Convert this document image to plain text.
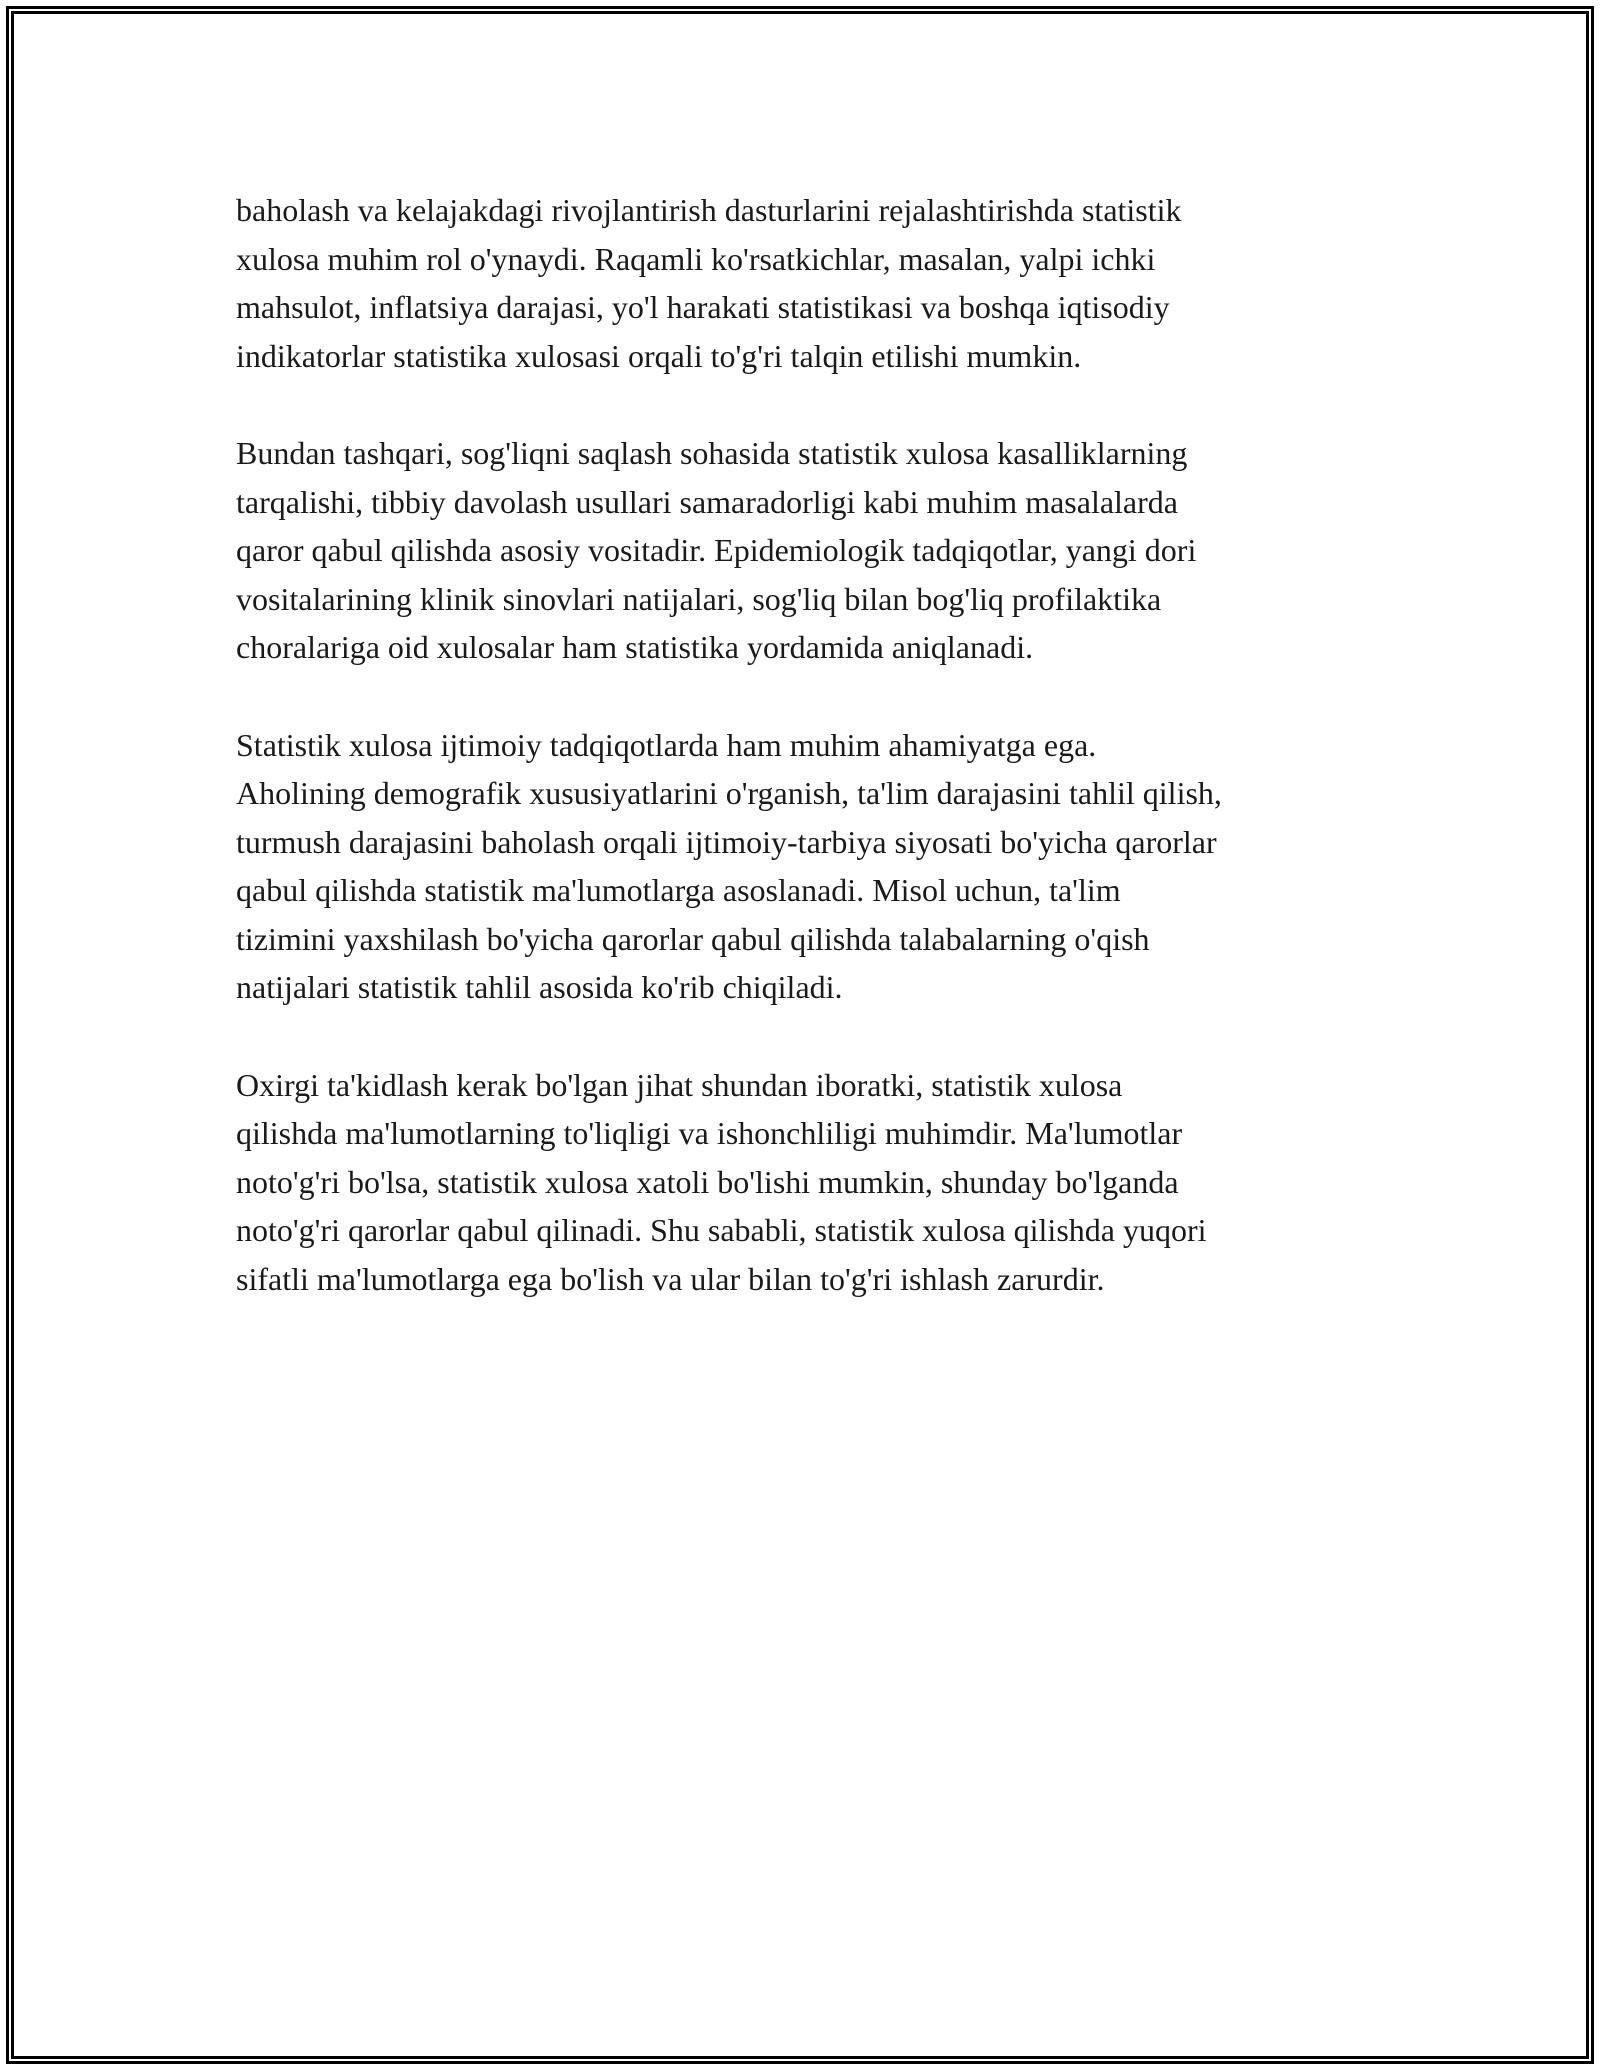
baholash va kelajakdagi rivojlantirish dasturlarini rejalashtirishda statistik
xulosa muhim rol o'ynaydi. Raqamli ko'rsatkichlar, masalan, yalpi ichki
mahsulot, inflatsiya darajasi, yo'l harakati statistikasi va boshqa iqtisodiy
indikatorlar statistika xulosasi orqali to'g'ri talqin etilishi mumkin.

Bundan tashqari, sog'liqni saqlash sohasida statistik xulosa kasalliklarning
tarqalishi, tibbiy davolash usullari samaradorligi kabi muhim masalalarda
qaror qabul qilishda asosiy vositadir. Epidemiologik tadqiqotlar, yangi dori
vositalarining klinik sinovlari natijalari, sog'liq bilan bog'liq profilaktika
choralariga oid xulosalar ham statistika yordamida aniqlanadi.

Statistik xulosa ijtimoiy tadqiqotlarda ham muhim ahamiyatga ega.
Aholining demografik xususiyatlarini o'rganish, ta'lim darajasini tahlil qilish,
turmush darajasini baholash orqali ijtimoiy-tarbiya siyosati bo'yicha qarorlar
qabul qilishda statistik ma'lumotlarga asoslanadi. Misol uchun, ta'lim
tizimini yaxshilash bo'yicha qarorlar qabul qilishda talabalarning o'qish
natijalari statistik tahlil asosida ko'rib chiqiladi.

Oxirgi ta'kidlash kerak bo'lgan jihat shundan iboratki, statistik xulosa
qilishda ma'lumotlarning to'liqligi va ishonchliligi muhimdir. Ma'lumotlar
noto'g'ri bo'lsa, statistik xulosa xatoli bo'lishi mumkin, shunday bo'lganda
noto'g'ri qarorlar qabul qilinadi. Shu sababli, statistik xulosa qilishda yuqori
sifatli ma'lumotlarga ega bo'lish va ular bilan to'g'ri ishlash zarurdir.
